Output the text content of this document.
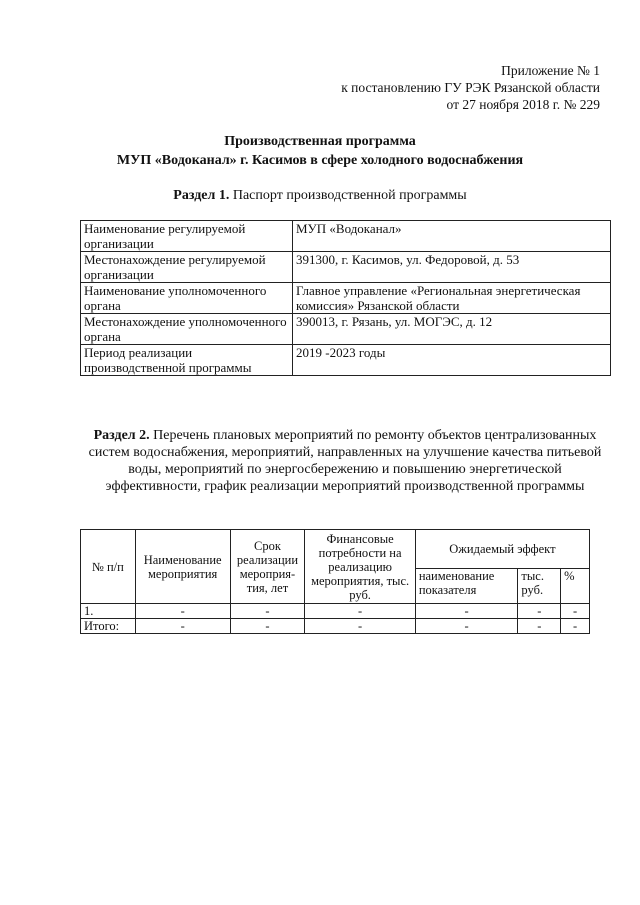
Приложение № 1
к постановлению ГУ РЭК Рязанской области
от 27 ноября 2018 г. № 229
Производственная программа
МУП «Водоканал» г. Касимов в сфере холодного водоснабжения
Раздел 1. Паспорт производственной программы
Наименование регулируемой организации	МУП «Водоканал»
Местонахождение регулируемой организации	391300, г. Касимов, ул. Федоровой, д. 53
Наименование уполномоченного органа	Главное управление «Региональная энергетическая комиссия» Рязанской области
Местонахождение уполномоченного органа	390013, г. Рязань, ул. МОГЭС, д. 12
Период реализации производственной программы	2019 -2023 годы
Раздел 2. Перечень плановых мероприятий по ремонту объектов централизованных систем водоснабжения, мероприятий, направленных на улучшение качества питьевой воды, мероприятий по энергосбережению и повышению энергетической эффективности, график реализации мероприятий производственной программы
№ п/п	Наименование мероприятия	Срок реализации мероприя-тия, лет	Финансовые потребности на реализацию мероприятия, тыс. руб.	Ожидаемый эффект		
				наименование показателя	тыс. руб.	%
1.	-	-	-	-	-	-
Итого:	-	-	-	-	-	-
